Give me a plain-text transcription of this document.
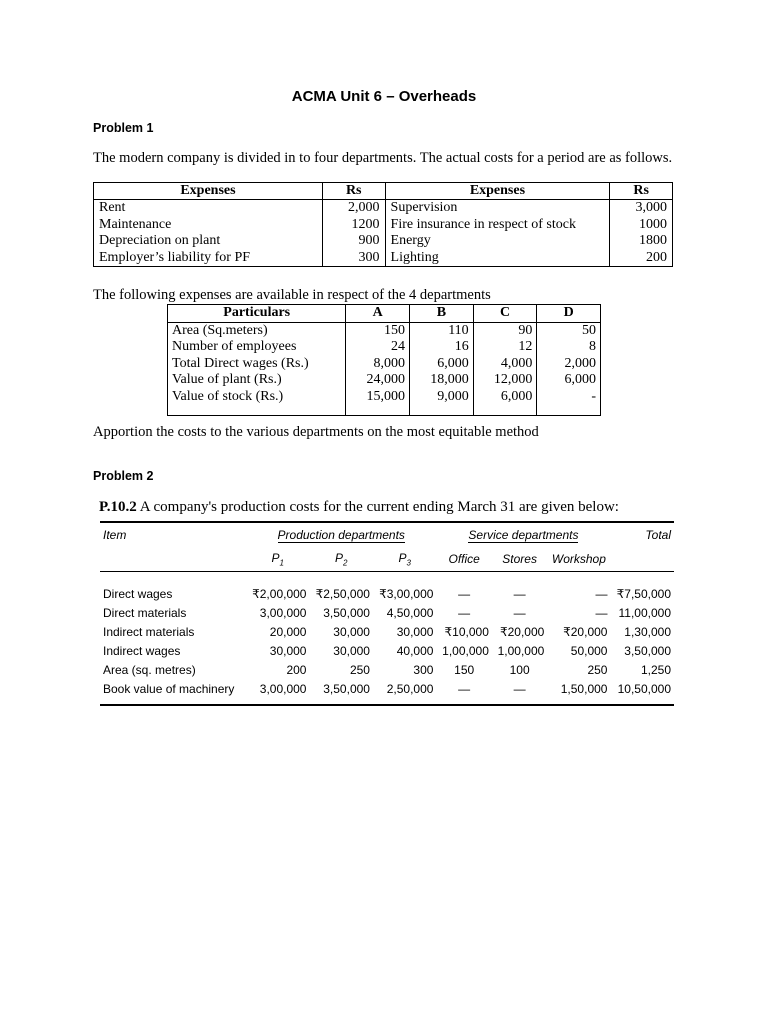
ACMA Unit 6 – Overheads
Problem 1
The modern company is divided in to four departments. The actual costs for a period are as follows.
Expenses	Rs	Expenses	Rs
Rent	2,000	Supervision	3,000
Maintenance	1200	Fire insurance in respect of stock	1000
Depreciation on plant	900	Energy	1800
Employer’s liability for PF	300	Lighting	200
The following expenses are available in respect of the 4 departments
Particulars	A	B	C	D
Area (Sq.meters)	150	110	90	50
Number of employees	24	16	12	8
Total Direct wages (Rs.)	8,000	6,000	4,000	2,000
Value of plant (Rs.)	24,000	18,000	12,000	6,000
Value of stock (Rs.)	15,000	9,000	6,000	-
Apportion the costs to the various departments on the most equitable method
Problem 2
P.10.2 A company's production costs for the current ending March 31 are given below:
Item	Production departments			Service departments			Total
	$P_1$	$P_2$	$P_3$	Office	Stores	Workshop	

Direct wages	₹2,00,000	₹2,50,000	₹3,00,000	—	—	—	₹7,50,000
Direct materials	3,00,000	3,50,000	4,50,000	—	—	—	11,00,000
Indirect materials	20,000	30,000	30,000	₹10,000	₹20,000	₹20,000	1,30,000
Indirect wages	30,000	30,000	40,000	1,00,000	1,00,000	50,000	3,50,000
Area (sq. metres)	200	250	300	150	100	250	1,250
Book value of machinery	3,00,000	3,50,000	2,50,000	—	—	1,50,000	10,50,000
